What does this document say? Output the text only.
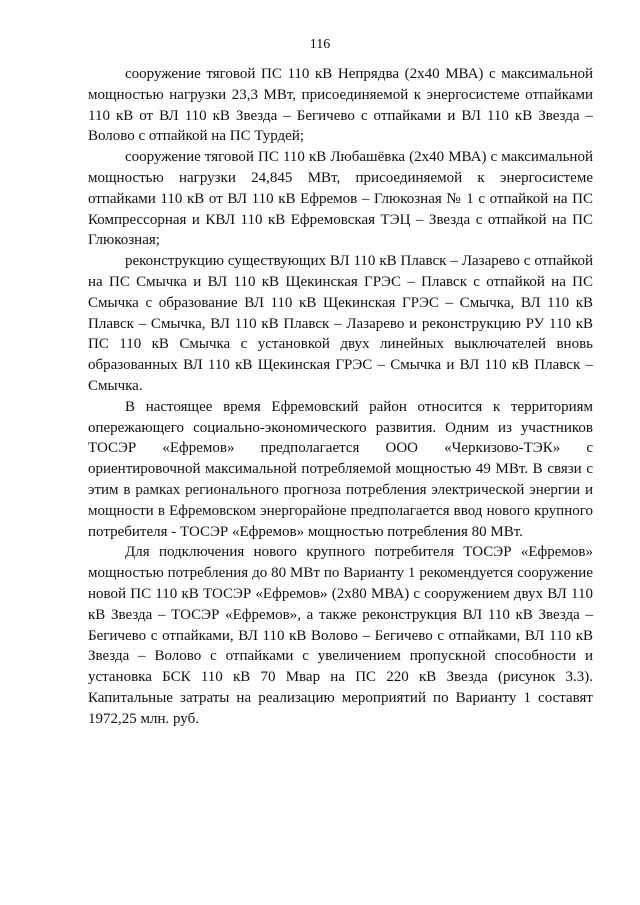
116

сооружение тяговой ПС 110 кВ Непрядва (2х40 МВА) с максимальной мощностью нагрузки 23,3 МВт, присоединяемой к энергосистеме отпайками 110 кВ от ВЛ 110 кВ Звезда – Бегичево с отпайками и ВЛ 110 кВ Звезда – Волово с отпайкой на ПС Турдей;

сооружение тяговой ПС 110 кВ Любашёвка (2х40 МВА) с максимальной мощностью нагрузки 24,845 МВт, присоединяемой к энергосистеме отпайками 110 кВ от ВЛ 110 кВ Ефремов – Глюкозная № 1 с отпайкой на ПС Компрессорная и КВЛ 110 кВ Ефремовская ТЭЦ – Звезда с отпайкой на ПС Глюкозная;

реконструкцию существующих ВЛ 110 кВ Плавск – Лазарево с отпайкой на ПС Смычка и ВЛ 110 кВ Щекинская ГРЭС – Плавск с отпайкой на ПС Смычка с образование ВЛ 110 кВ Щекинская ГРЭС – Смычка, ВЛ 110 кВ Плавск – Смычка, ВЛ 110 кВ Плавск – Лазарево и реконструкцию РУ 110 кВ ПС 110 кВ Смычка с установкой двух линейных выключателей вновь образованных ВЛ 110 кВ Щекинская ГРЭС – Смычка и ВЛ 110 кВ Плавск – Смычка.

В настоящее время Ефремовский район относится к территориям опережающего социально-экономического развития. Одним из участников ТОСЭР «Ефремов» предполагается ООО «Черкизово-ТЭК» с ориентировочной максимальной потребляемой мощностью 49 МВт. В связи с этим в рамках регионального прогноза потребления электрической энергии и мощности в Ефремовском энергорайоне предполагается ввод нового крупного потребителя - ТОСЭР «Ефремов» мощностью потребления 80 МВт.

Для подключения нового крупного потребителя ТОСЭР «Ефремов» мощностью потребления до 80 МВт по Варианту 1 рекомендуется сооружение новой ПС 110 кВ ТОСЭР «Ефремов» (2х80 МВА) с сооружением двух ВЛ 110 кВ Звезда – ТОСЭР «Ефремов», а также реконструкция ВЛ 110 кВ Звезда – Бегичево с отпайками, ВЛ 110 кВ Волово – Бегичево с отпайками, ВЛ 110 кВ Звезда – Волово с отпайками с увеличением пропускной способности и установка БСК 110 кВ 70 Мвар на ПС 220 кВ Звезда (рисунок 3.3). Капитальные затраты на реализацию мероприятий по Варианту 1 составят 1972,25 млн. руб.
